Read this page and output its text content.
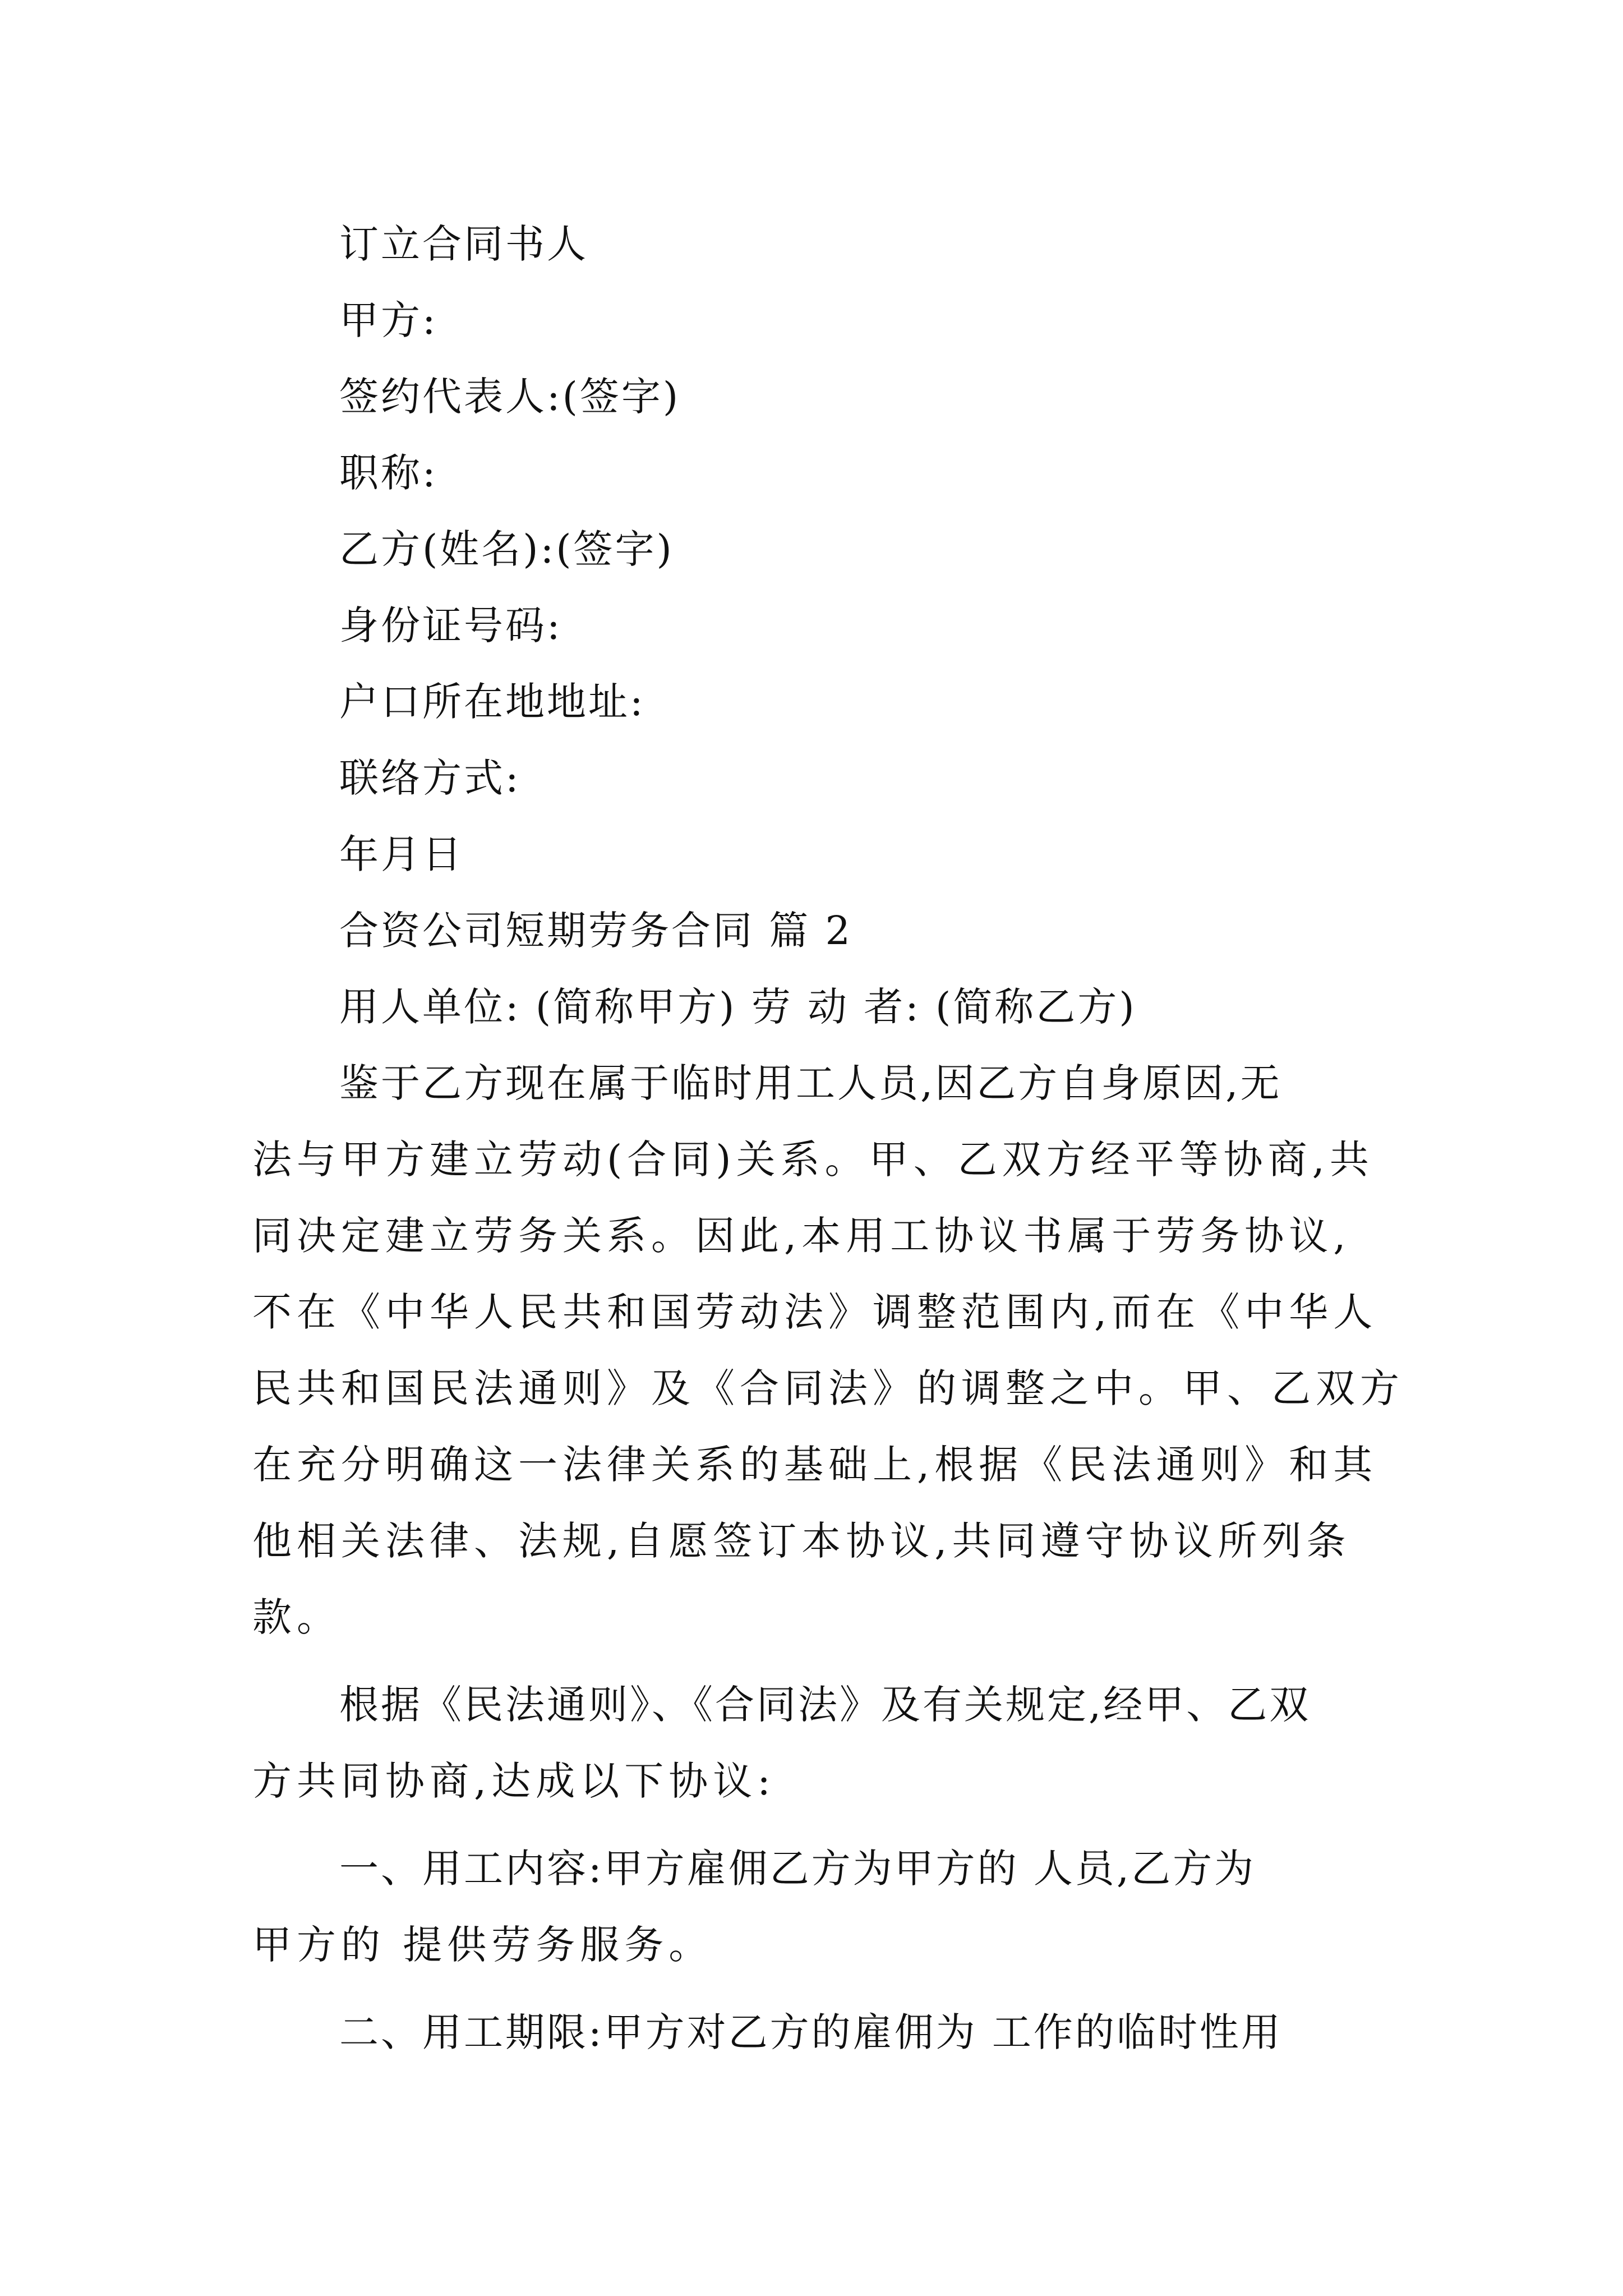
订立合同书人
甲方:
签约代表人:(签字)
职称:
乙方(姓名):(签字)
身份证号码:
户口所在地地址:
联络方式:
年月日
合资公司短期劳务合同 篇 2
用人单位: (简称甲方) 劳 动 者: (简称乙方)
鉴于乙方现在属于临时用工人员,因乙方自身原因,无
法与甲方建立劳动(合同)关系。甲、乙双方经平等协商,共
同决定建立劳务关系。因此,本用工协议书属于劳务协议,
不在《中华人民共和国劳动法》调整范围内,而在《中华人
民共和国民法通则》及《合同法》的调整之中。甲、乙双方
在充分明确这一法律关系的基础上,根据《民法通则》和其
他相关法律、法规,自愿签订本协议,共同遵守协议所列条
款。
根据《民法通则》、《合同法》及有关规定,经甲、乙双
方共同协商,达成以下协议:
一、用工内容:甲方雇佣乙方为甲方的 人员,乙方为
甲方的 提供劳务服务。
二、用工期限:甲方对乙方的雇佣为 工作的临时性用
